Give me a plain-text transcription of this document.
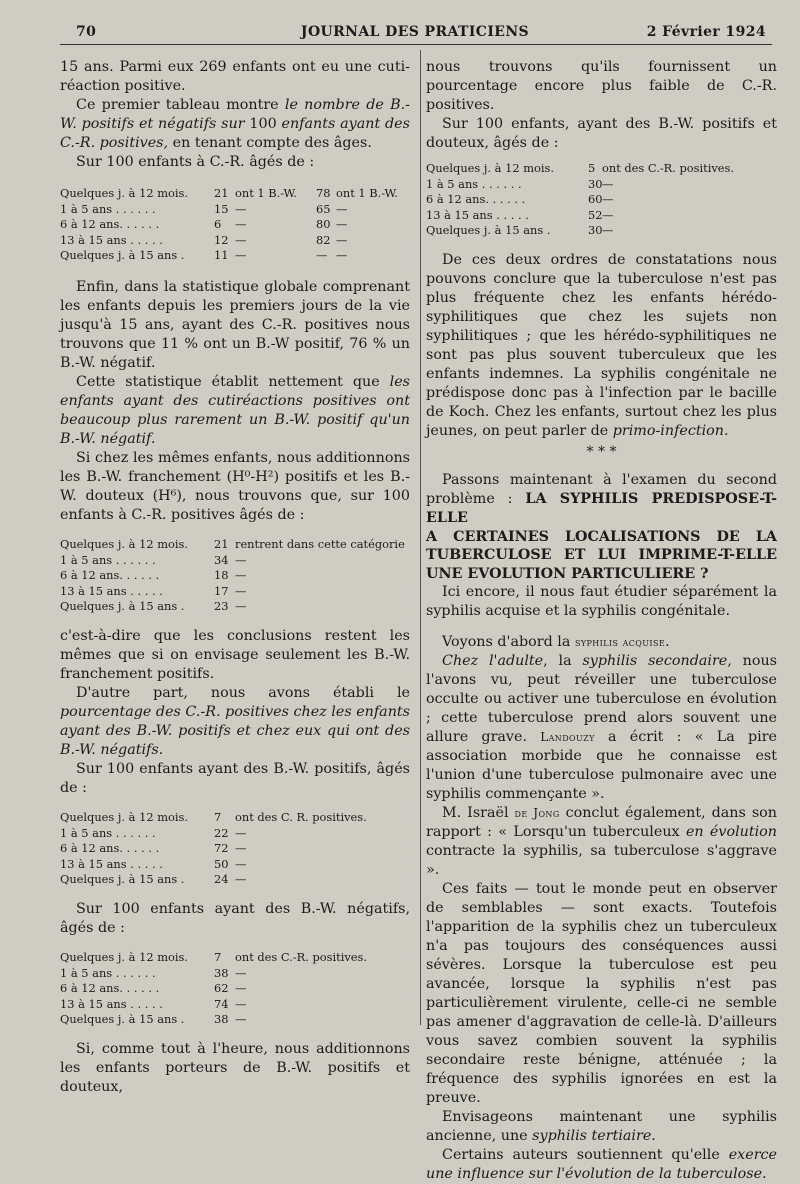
70	JOURNAL DES PRATICIENS	2 Février 1924

15 ans. Parmi eux 269 enfants ont eu une cuti-réaction positive.

Ce premier tableau montre le nombre de B.-W. positifs et négatifs sur 100 enfants ayant des C.-R. positives, en tenant compte des âges.

Sur 100 enfants à C.-R. âgés de :

Quelques j. à 12 mois. 21 ont 1 B.-W. 78 ont 1 B.-W.
1 à 5 ans . . . . . .	15 —	65 —
6 à 12 ans. . . . . .	6 —	80 —
13 à 15 ans . . . . .	12 —	82 —
Quelques j. à 15 ans .	11 —	— —

Enfin, dans la statistique globale comprenant les enfants depuis les premiers jours de la vie jusqu'à 15 ans, ayant des C.-R. positives nous trouvons que 11 % ont un B.-W positif, 76 % un B.-W. négatif.

Cette statistique établit nettement que les enfants ayant des cutiréactions positives ont beaucoup plus rarement un B.-W. positif qu'un B.-W. négatif.

Si chez les mêmes enfants, nous additionnons les B.-W. franchement (H⁰-H²) positifs et les B.-W. douteux (H⁶), nous trouvons que, sur 100 enfants à C.-R. positives âgés de :

Quelques j. à 12 mois. 21 rentrent dans cette catégorie
1 à 5 ans . . . . . .	34 —
6 à 12 ans. . . . . .	18 —
13 à 15 ans . . . . .	17 —
Quelques j. à 15 ans .	23 —

c'est-à-dire que les conclusions restent les mêmes que si on envisage seulement les B.-W. franchement positifs.

D'autre part, nous avons établi le pourcentage des C.-R. positives chez les enfants ayant des B.-W. positifs et chez eux qui ont des B.-W. négatifs.

Sur 100 enfants ayant des B.-W. positifs, âgés de :

Quelques j. à 12 mois. 7 ont des C. R. positives.
1 à 5 ans . . . . . .	22 —
6 à 12 ans. . . . . .	72 —
13 à 15 ans . . . . .	50 —
Quelques j. à 15 ans .	24 —

Sur 100 enfants ayant des B.-W. négatifs, âgés de :

Quelques j. à 12 mois. 7 ont des C.-R. positives.
1 à 5 ans . . . . . .	38 —
6 à 12 ans. . . . . .	62 —
13 à 15 ans . . . . .	74 —
Quelques j. à 15 ans .	38 —

Si, comme tout à l'heure, nous additionnons les enfants porteurs de B.-W. positifs et douteux,

nous trouvons qu'ils fournissent un pourcentage encore plus faible de C.-R. positives.

Sur 100 enfants, ayant des B.-W. positifs et douteux, âgés de :

Quelques j. à 12 mois.	5 ont des C.-R. positives.
1 à 5 ans . . . . . .	30 —
6 à 12 ans. . . . . .	60 —
13 à 15 ans . . . . .	52 —
Quelques j. à 15 ans .	30 —

De ces deux ordres de constatations nous pouvons conclure que la tuberculose n'est pas plus fréquente chez les enfants hérédo-syphilitiques que chez les sujets non syphilitiques ; que les hérédo-syphilitiques ne sont pas plus souvent tuberculeux que les enfants indemnes. La syphilis congénitale ne prédispose donc pas à l'infection par le bacille de Koch. Chez les enfants, surtout chez les plus jeunes, on peut parler de primo-infection.

* * *

Passons maintenant à l'examen du second problème : LA SYPHILIS PREDISPOSE-T-ELLE

A CERTAINES LOCALISATIONS DE LA

TUBERCULOSE ET LUI IMPRIME-T-ELLE

UNE EVOLUTION PARTICULIERE ?

Ici encore, il nous faut étudier séparément la syphilis acquise et la syphilis congénitale.

Voyons d'abord la syphilis acquise.

Chez l'adulte, la syphilis secondaire, nous l'avons vu, peut réveiller une tuberculose occulte ou activer une tuberculose en évolution ; cette tuberculose prend alors souvent une allure grave. Landouzy a écrit : « La pire association morbide que he connaisse est l'union d'une tuberculose pulmonaire avec une syphilis commençante ».

M. Israël de Jong conclut également, dans son rapport : « Lorsqu'un tuberculeux en évolution contracte la syphilis, sa tuberculose s'aggrave ».

Ces faits — tout le monde peut en observer de semblables — sont exacts. Toutefois l'apparition de la syphilis chez un tuberculeux n'a pas toujours des conséquences aussi sévères. Lorsque la tuberculose est peu avancée, lorsque la syphilis n'est pas particulièrement virulente, celle-ci ne semble pas amener d'aggravation de celle-là. D'ailleurs vous savez combien souvent la syphilis secondaire reste bénigne, atténuée ; la fréquence des syphilis ignorées en est la preuve.

Envisageons maintenant une syphilis ancienne, une syphilis tertiaire.

Certains auteurs soutiennent qu'elle exerce une influence sur l'évolution de la tuberculose.
